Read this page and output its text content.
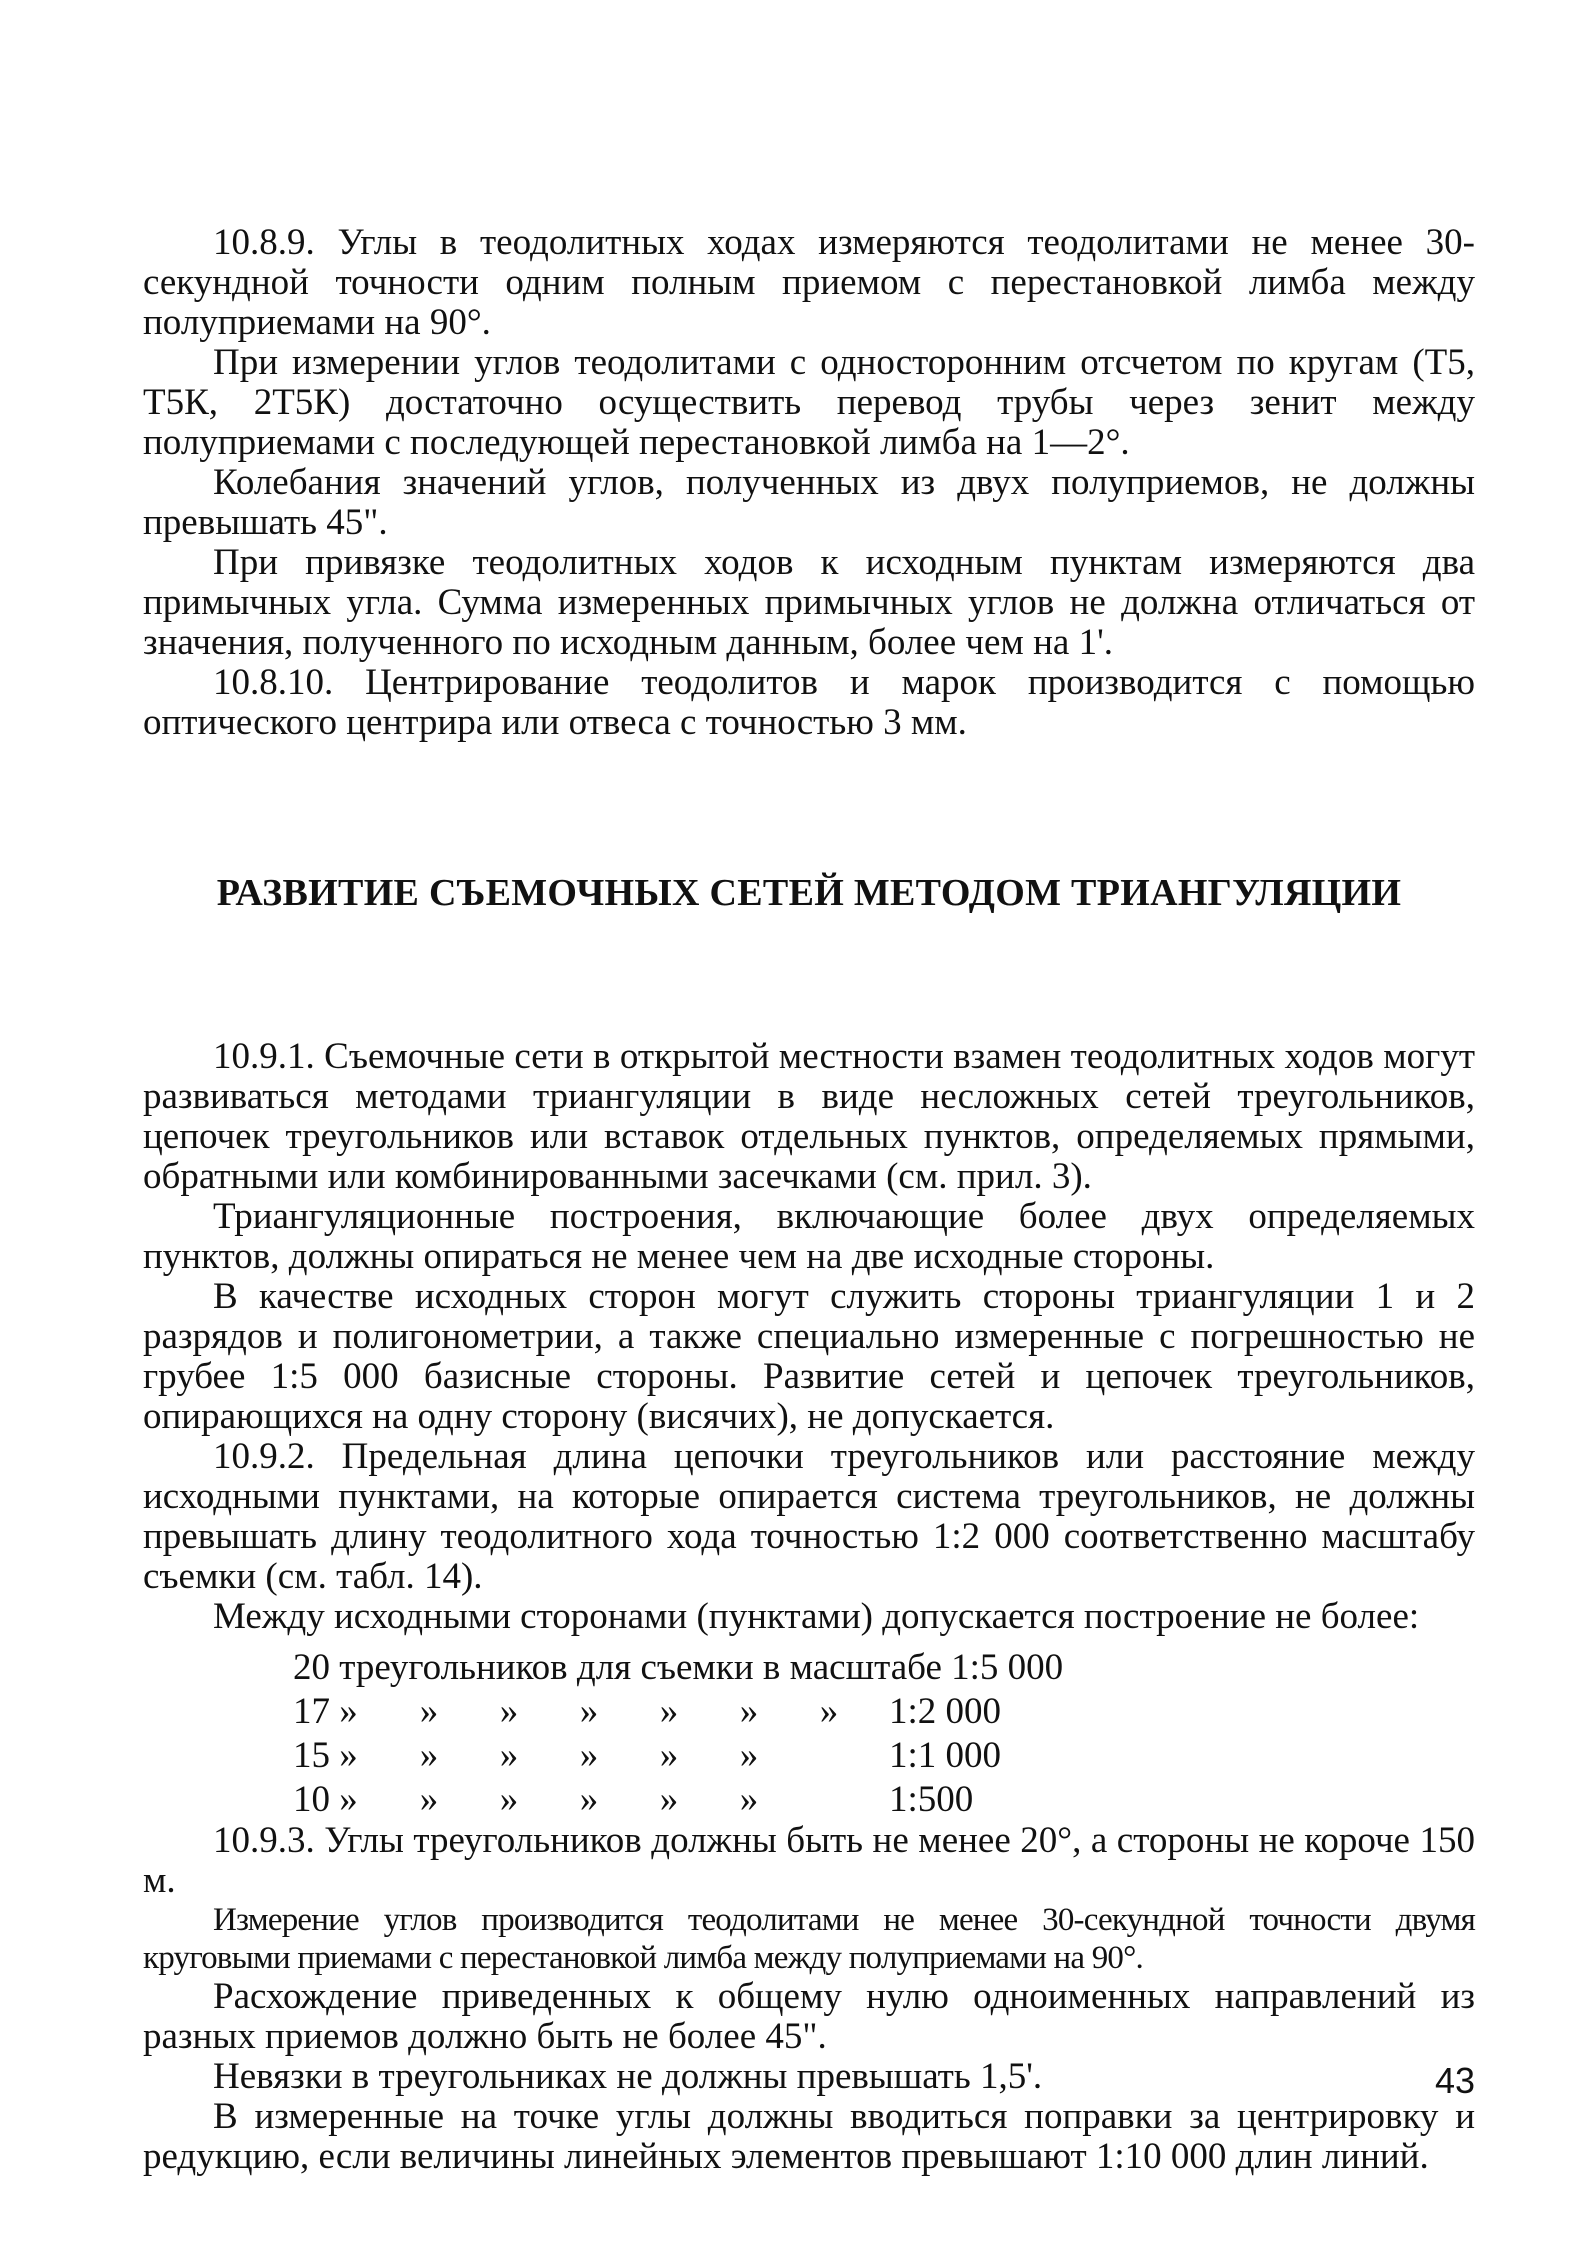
10.8.9. Углы в теодолитных ходах измеряются теодолитами не менее 30-секундной точности одним полным приемом с перестановкой лимба между полуприемами на 90°.

При измерении углов теодолитами с односторонним отсчетом по кругам (Т5, Т5К, 2Т5К) достаточно осуществить перевод трубы через зенит между полуприемами с последующей перестановкой лимба на 1—2°.

Колебания значений углов, полученных из двух полуприемов, не должны превышать 45".

При привязке теодолитных ходов к исходным пунктам измеряются два примычных угла. Сумма измеренных примычных углов не должна отличаться от значения, полученного по исходным данным, более чем на 1'.

10.8.10. Центрирование теодолитов и марок производится с помощью оптического центрира или отвеса с точностью 3 мм.

РАЗВИТИЕ СЪЕМОЧНЫХ СЕТЕЙ МЕТОДОМ ТРИАНГУЛЯЦИИ

10.9.1. Съемочные сети в открытой местности взамен теодолитных ходов могут развиваться методами триангуляции в виде несложных сетей треугольников, цепочек треугольников или вставок отдельных пунктов, определяемых прямыми, обратными или комбинированными засечками (см. прил. 3).

Триангуляционные построения, включающие более двух определяемых пунктов, должны опираться не менее чем на две исходные стороны.

В качестве исходных сторон могут служить стороны триангуляции 1 и 2 разрядов и полигонометрии, а также специально измеренные с погрешностью не грубее 1:5 000 базисные стороны. Развитие сетей и цепочек треугольников, опирающихся на одну сторону (висячих), не допускается.

10.9.2. Предельная длина цепочки треугольников или расстояние между исходными пунктами, на которые опирается система треугольников, не должны превышать длину теодолитного хода точностью 1:2 000 соответственно масштабу съемки (см. табл. 14).

Между исходными сторонами (пунктами) допускается построение не более:

20 треугольников для съемки в масштабе 1:5 000							
17 »	»	»	»	»	»	»	1:2 000
15 »	»	»	»	»	»		1:1 000
10 »	»	»	»	»	»		1:500

10.9.3. Углы треугольников должны быть не менее 20°, а стороны не короче 150 м.

Измерение углов производится теодолитами не менее 30-секундной точности двумя круговыми приемами с перестановкой лимба между полуприемами на 90°.

Расхождение приведенных к общему нулю одноименных направлений из разных приемов должно быть не более 45".

Невязки в треугольниках не должны превышать 1,5'.

В измеренные на точке углы должны вводиться поправки за центрировку и редукцию, если величины линейных элементов превышают 1:10 000 длин линий.

43
